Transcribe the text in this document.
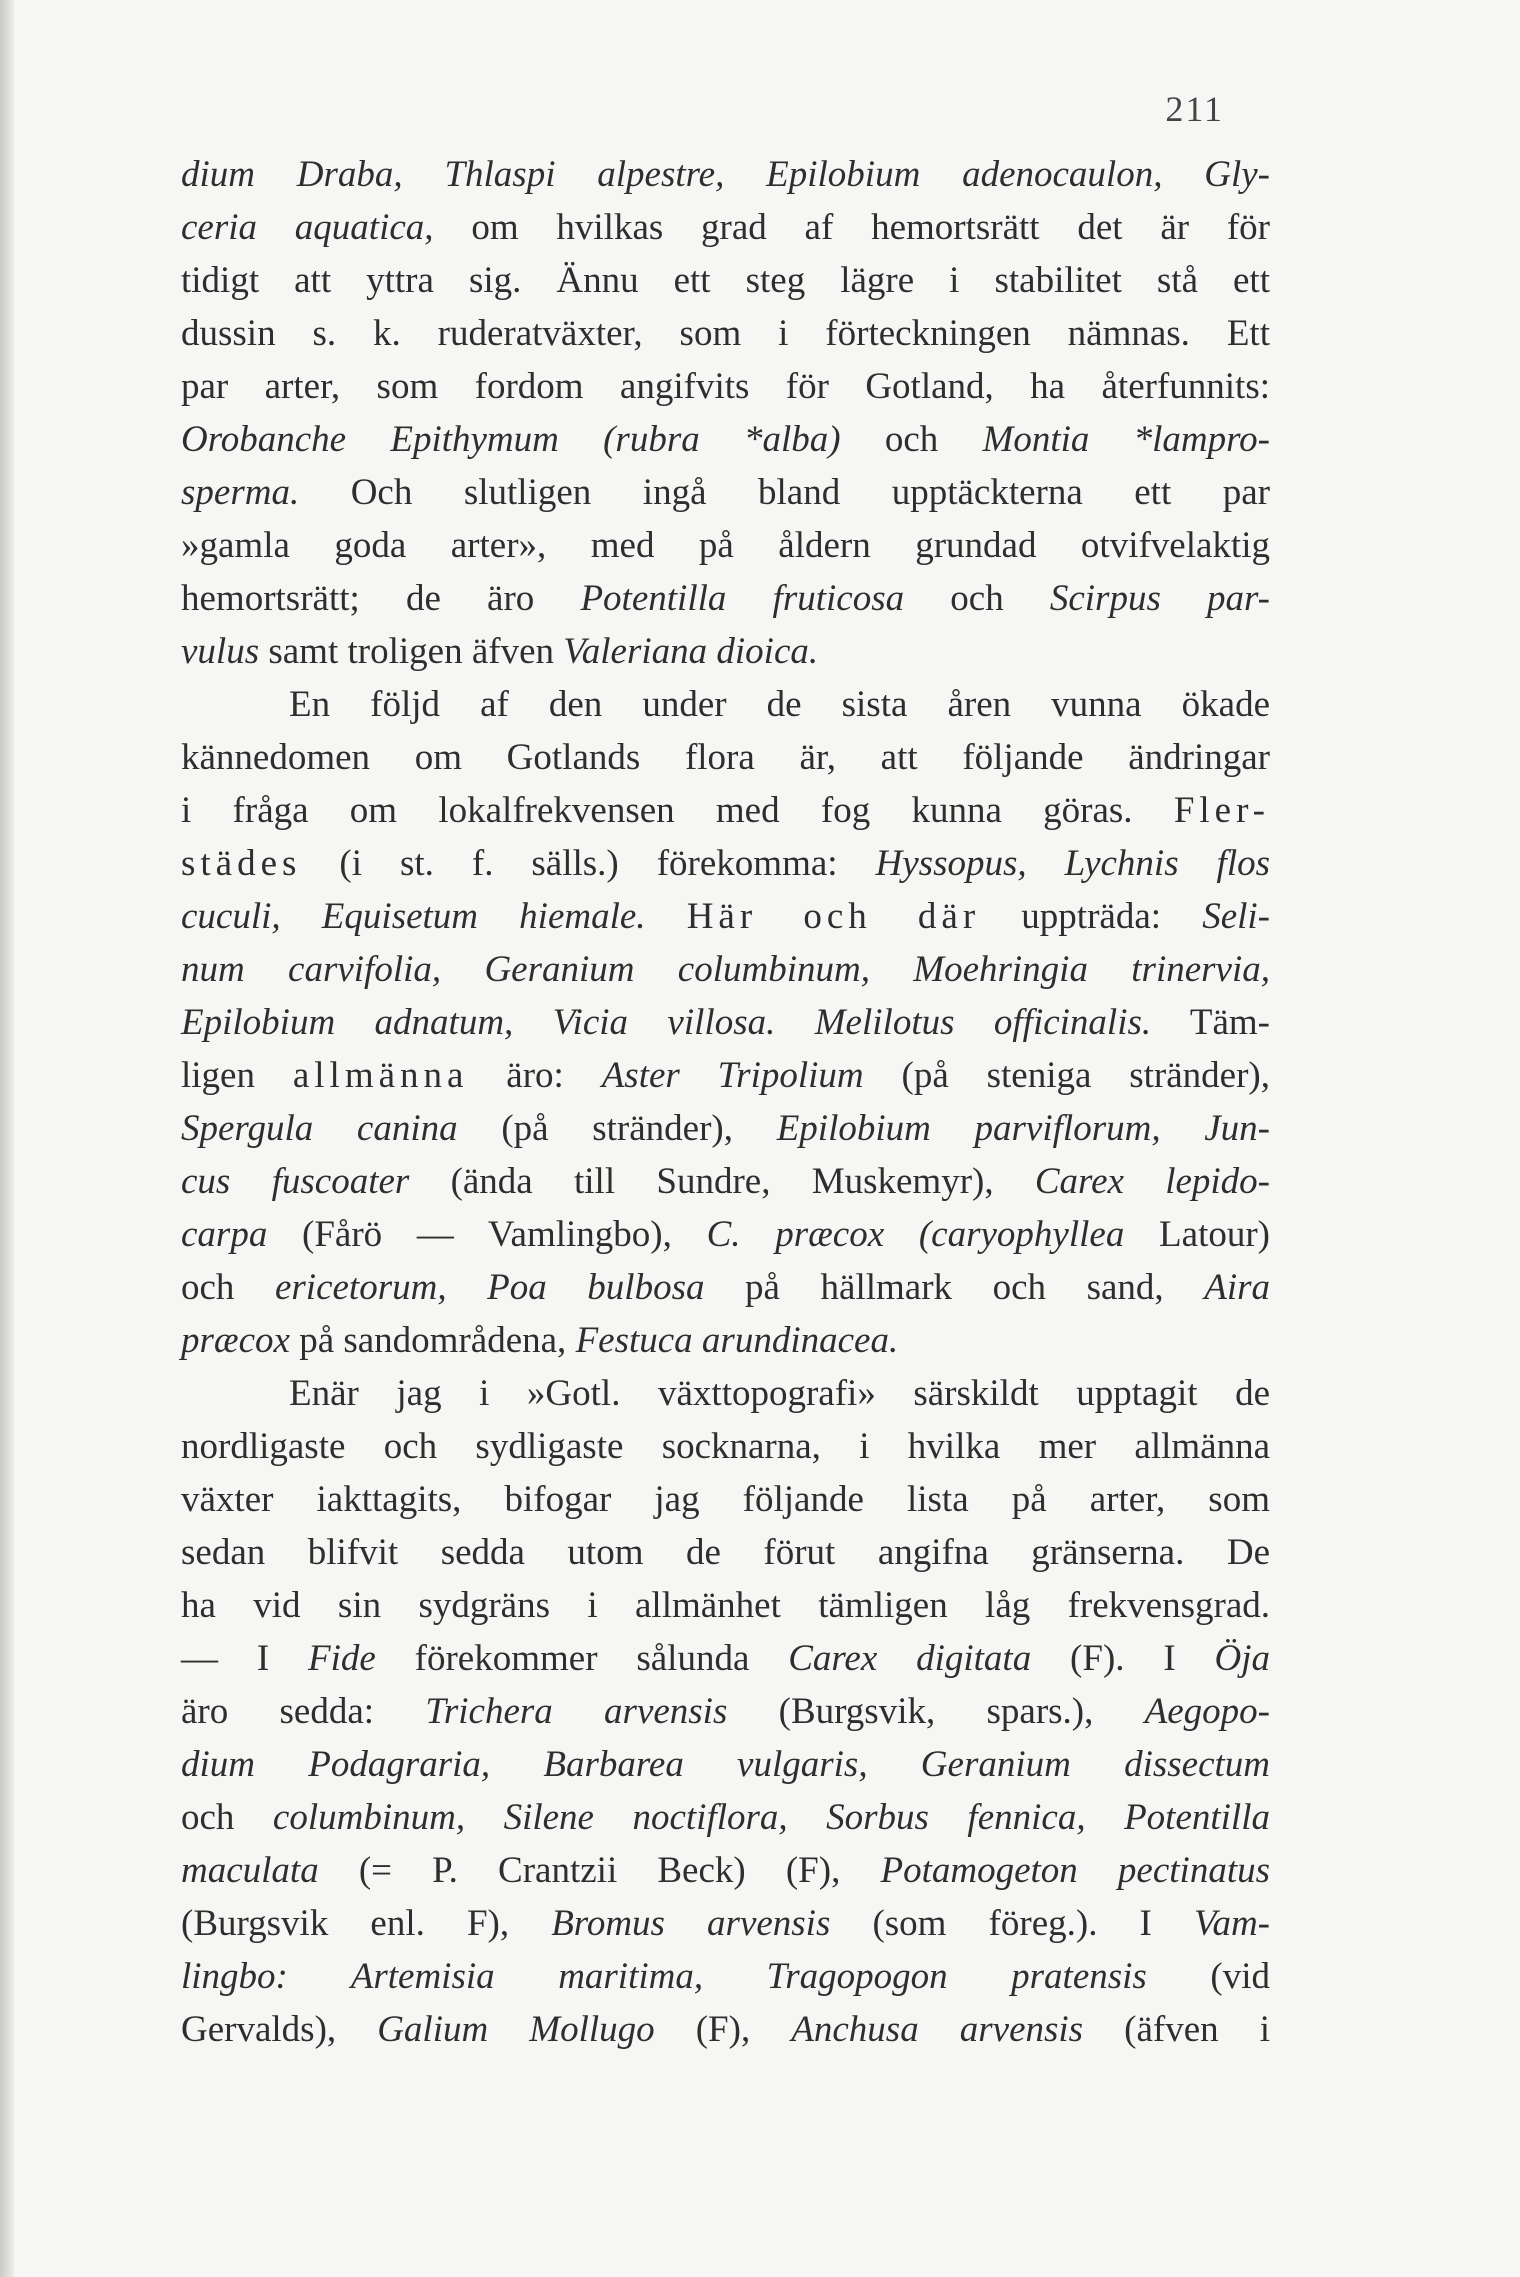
211
dium Draba, Thlaspi alpestre, Epilobium adenocaulon, Gly-
ceria aquatica, om hvilkas grad af hemortsrätt det är för
tidigt att yttra sig. Ännu ett steg lägre i stabilitet stå ett
dussin s. k. ruderatväxter, som i förteckningen nämnas. Ett
par arter, som fordom angifvits för Gotland, ha återfunnits:
Orobanche Epithymum (rubra *alba) och Montia *lampro-
sperma. Och slutligen ingå bland upptäckterna ett par
»gamla goda arter», med på åldern grundad otvifvelaktig
hemortsrätt; de äro Potentilla fruticosa och Scirpus par-
vulus samt troligen äfven Valeriana dioica.
En följd af den under de sista åren vunna ökade
kännedomen om Gotlands flora är, att följande ändringar
i fråga om lokalfrekvensen med fog kunna göras. Fler-
städes (i st. f. sälls.) förekomma: Hyssopus, Lychnis flos
cuculi, Equisetum hiemale. Här och där uppträda: Seli-
num carvifolia, Geranium columbinum, Moehringia trinervia,
Epilobium adnatum, Vicia villosa. Melilotus officinalis. Täm-
ligen allmänna äro: Aster Tripolium (på steniga stränder),
Spergula canina (på stränder), Epilobium parviflorum, Jun-
cus fuscoater (ända till Sundre, Muskemyr), Carex lepido-
carpa (Fårö — Vamlingbo), C. præcox (caryophyllea Latour)
och ericetorum, Poa bulbosa på hällmark och sand, Aira
præcox på sandområdena, Festuca arundinacea.
Enär jag i »Gotl. växttopografi» särskildt upptagit de
nordligaste och sydligaste socknarna, i hvilka mer allmänna
växter iakttagits, bifogar jag följande lista på arter, som
sedan blifvit sedda utom de förut angifna gränserna. De
ha vid sin sydgräns i allmänhet tämligen låg frekvensgrad.
— I Fide förekommer sålunda Carex digitata (F). I Öja
äro sedda: Trichera arvensis (Burgsvik, spars.), Aegopo-
dium Podagraria, Barbarea vulgaris, Geranium dissectum
och columbinum, Silene noctiflora, Sorbus fennica, Potentilla
maculata (= P. Crantzii Beck) (F), Potamogeton pectinatus
(Burgsvik enl. F), Bromus arvensis (som föreg.). I Vam-
lingbo: Artemisia maritima, Tragopogon pratensis (vid
Gervalds), Galium Mollugo (F), Anchusa arvensis (äfven i
